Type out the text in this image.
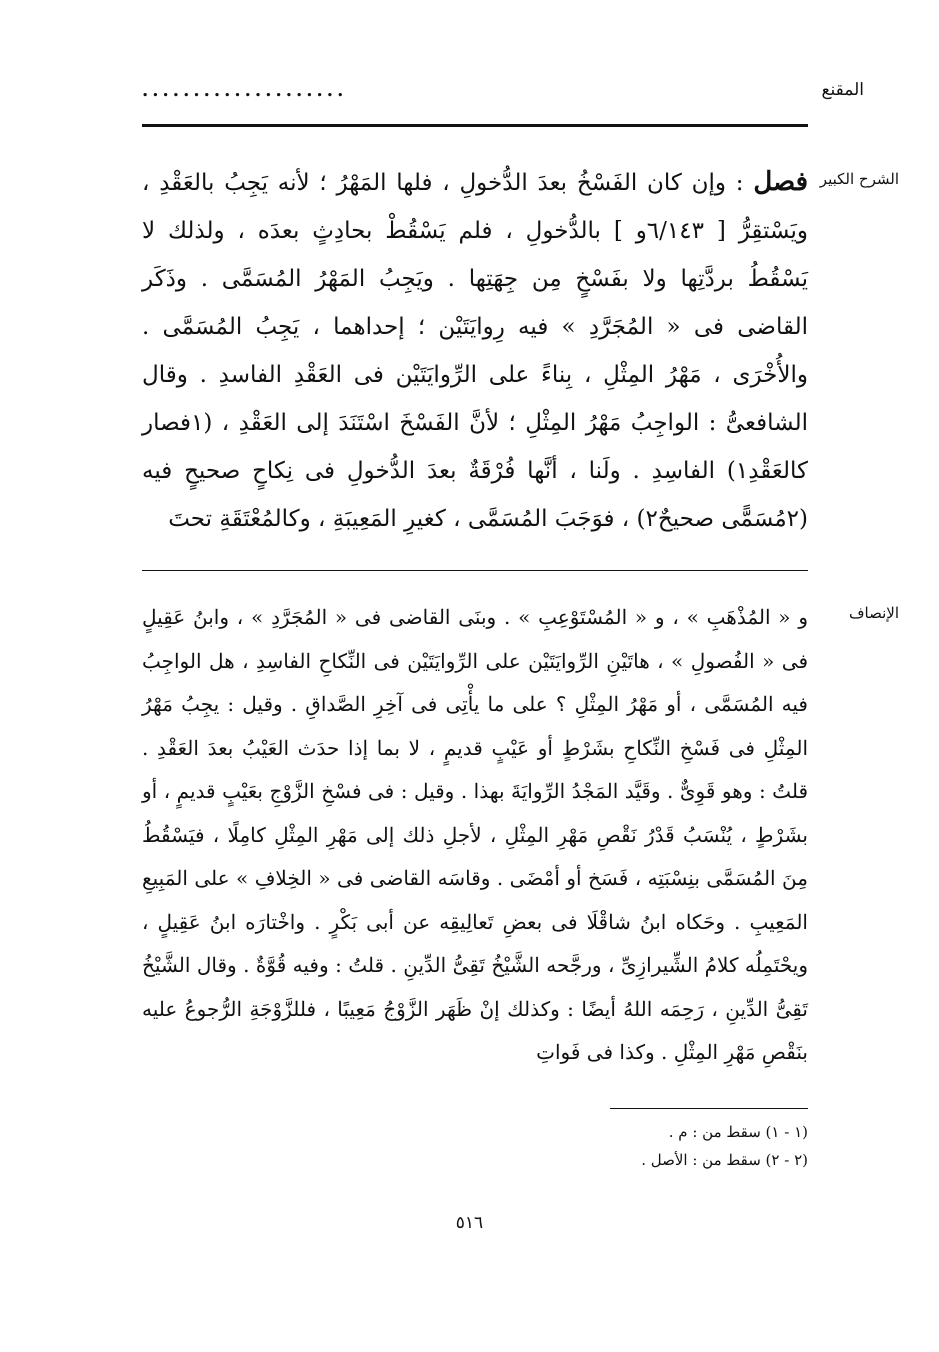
المقنع
....................
الشرح الكبير
فصل : وإن كان الفَسْخُ بعدَ الدُّخولِ ، فلها المَهْرُ ؛ لأنه يَجِبُ بالعَقْدِ ، ويَسْتقِرُّ [ ٦/١٤٣و ] بالدُّخولِ ، فلم يَسْقُطْ بحادِثٍ بعدَه ، ولذلك لا يَسْقُطُ بردَّتِها ولا بفَسْخٍ مِن جِهَتِها . ويَجِبُ المَهْرُ المُسَمَّى . وذَكَر القاضى فى « المُجَرَّدِ » فيه رِوايَتَيْن ؛ إحداهما ، يَجِبُ المُسَمَّى . والأُخْرَى ، مَهْرُ المِثْلِ ، بِناءً على الرِّوايَتَيْن فى العَقْدِ الفاسدِ . وقال الشافعىُّ : الواجِبُ مَهْرُ المِثْلِ ؛ لأنَّ الفَسْخَ اسْتَنَدَ إلى العَقْدِ ، (١فصار كالعَقْدِ١) الفاسِدِ . ولَنا ، أنَّها فُرْقَةٌ بعدَ الدُّخولِ فى نِكاحٍ صحيحٍ فيه (٢مُسَمًّى صحيحٌ٢) ، فوَجَبَ المُسَمَّى ، كغيرِ المَعِيبَةِ ، وكالمُعْتَقَةِ تحتَ
الإنصاف
و « المُذْهَبِ » ، و « المُسْتَوْعِبِ » . وبنَى القاضى فى « المُجَرَّدِ » ، وابنُ عَقِيلٍ فى « الفُصولِ » ، هاتَيْنِ الرِّوايَتَيْن على الرِّوايَتَيْن فى النِّكاحِ الفاسِدِ ، هل الواجِبُ فيه المُسَمَّى ، أو مَهْرُ المِثْلِ ؟ على ما يأْتِى فى آخِرِ الصَّداقِ . وقيل : يجِبُ مَهْرُ المِثْلِ فى فَسْخِ النِّكاحِ بشَرْطٍ أو عَيْبٍ قديمٍ ، لا بما إذا حدَث العَيْبُ بعدَ العَقْدِ . قلتُ : وهو قَوِىٌّ . وقَيَّد المَجْدُ الرِّوايَةَ بهذا . وقيل : فى فسْخِ الزَّوْجِ بعَيْبٍ قديمٍ ، أو بشَرْطٍ ، يُنْسَبُ قَدْرُ نَقْصِ مَهْرِ المِثْلِ ، لأجلِ ذلك إلى مَهْرِ المِثْلِ كامِلًا ، فيَسْقُطُ مِنَ المُسَمَّى بنِسْبَتِه ، فَسَخ أو أمْضَى . وقاسَه القاضى فى « الخِلافِ » على المَبِيعِ المَعِيبِ . وحَكاه ابنُ شاقْلَا فى بعضِ تَعالِيقِه عن أبى بَكْرٍ . واخْتارَه ابنُ عَقِيلٍ ، ويحْتَمِلُه كلامُ الشِّيرازِىِّ ، ورجَّحه الشَّيْخُ تَقِىُّ الدِّينِ . قلتُ : وفيه قُوَّةٌ . وقال الشَّيْخُ تَقِىُّ الدِّينِ ، رَحِمَه اللهُ أيضًا : وكذلك إنْ ظَهَر الزَّوْجُ مَعِيبًا ، فللزَّوْجَةِ الرُّجوعُ عليه بنَقْصِ مَهْرِ المِثْلِ . وكذا فى فَواتِ
(١ - ١) سقط من : م .
(٢ - ٢) سقط من : الأصل .
٥١٦
